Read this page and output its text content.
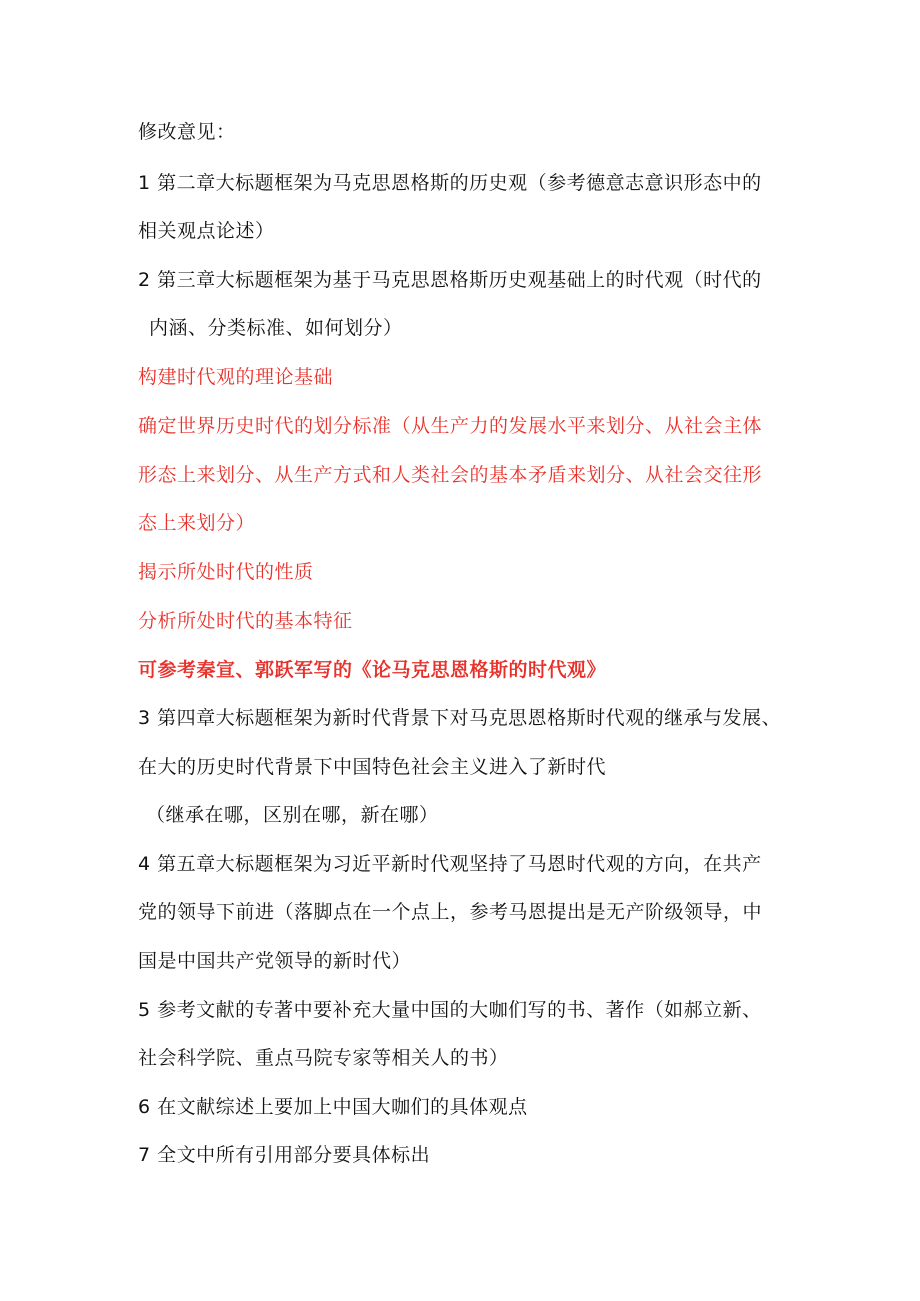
修改意见：
1 第二章大标题框架为马克思恩格斯的历史观（参考德意志意识形态中的
相关观点论述）
2 第三章大标题框架为基于马克思恩格斯历史观基础上的时代观（时代的
内涵、分类标准、如何划分）
构建时代观的理论基础
确定世界历史时代的划分标准（从生产力的发展水平来划分、从社会主体
形态上来划分、从生产方式和人类社会的基本矛盾来划分、从社会交往形
态上来划分）
揭示所处时代的性质
分析所处时代的基本特征
可参考秦宣、郭跃军写的《论马克思恩格斯的时代观》
3 第四章大标题框架为新时代背景下对马克思恩格斯时代观的继承与发展、
在大的历史时代背景下中国特色社会主义进入了新时代
（继承在哪，区别在哪，新在哪）
4 第五章大标题框架为习近平新时代观坚持了马恩时代观的方向，在共产
党的领导下前进（落脚点在一个点上，参考马恩提出是无产阶级领导，中
国是中国共产党领导的新时代）
5 参考文献的专著中要补充大量中国的大咖们写的书、著作（如郝立新、
社会科学院、重点马院专家等相关人的书）
6 在文献综述上要加上中国大咖们的具体观点
7 全文中所有引用部分要具体标出
